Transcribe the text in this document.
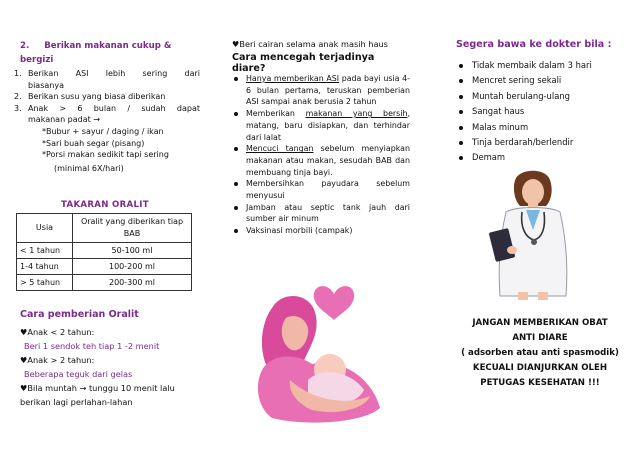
2. Berikan makanan cukup &
bergizi
1. Berikan ASI lebih sering dari
biasanya
2. Berikan susu yang biasa diberikan
3. Anak > 6 bulan / sudah dapat
makanan padat →
*Bubur + sayur / daging / ikan
*Sari buah segar (pisang)
*Porsi makan sedikit tapi sering
(minimal 6X/hari)
TAKARAN ORALIT
Usia	Oralit yang diberikan tiap BAB
< 1 tahun	50-100 ml
1-4 tahun	100-200 ml
> 5 tahun	200-300 ml
Cara pemberian Oralit
♥Anak < 2 tahun:
Beri 1 sendok teh tiap 1 -2 menit
♥Anak > 2 tahun:
Beberapa teguk dari gelas
♥Bila muntah → tunggu 10 menit lalu
berikan lagi perlahan-lahan
♥Beri cairan selama anak masih haus
Cara mencegah terjadinya diare?
Hanya memberikan ASI pada bayi usia 4-6 bulan pertama, teruskan pemberian ASI sampai anak berusia 2 tahun
Memberikan makanan yang bersih, matang, baru disiapkan, dan terhindar dari lalat
Mencuci tangan sebelum menyiapkan makanan atau makan, sesudah BAB dan membuang tinja bayi.
Membersihkan payudara sebelum menyusui
Jamban atau septic tank jauh dari sumber air minum
Vaksinasi morbili (campak)
Segera bawa ke dokter bila :
Tidak membaik dalam 3 hari
Mencret sering sekali
Muntah berulang-ulang
Sangat haus
Malas minum
Tinja berdarah/berlendir
Demam
JANGAN MEMBERIKAN OBAT
ANTI DIARE
( adsorben atau anti spasmodik)
KECUALI DIANJURKAN OLEH
PETUGAS KESEHATAN !!!
